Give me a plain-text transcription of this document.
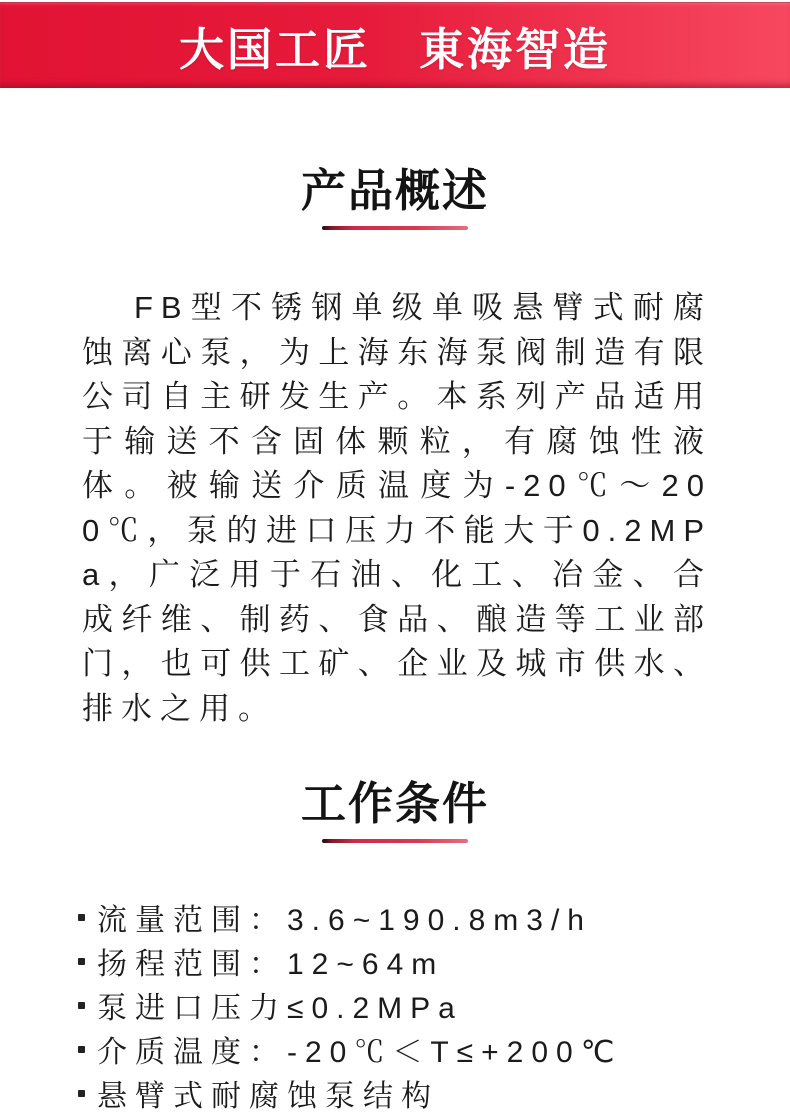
大国工匠　東海智造
产品概述

FB型不锈钢单级单吸悬臂式耐腐蚀离心泵，为上海东海泵阀制造有限公司自主研发生产。本系列产品适用于输送不含固体颗粒，有腐蚀性液体。被输送介质温度为-20℃～200℃，泵的进口压力不能大于0.2MPa，广泛用于石油、化工、冶金、合成纤维、制药、食品、酿造等工业部门，也可供工矿、企业及城市供水、排水之用。

工作条件
流量范围：3.6~190.8m3/h
扬程范围：12~64m
泵进口压力≤0.2MPa
介质温度：-20℃＜T≤+200℃
悬臂式耐腐蚀泵结构
